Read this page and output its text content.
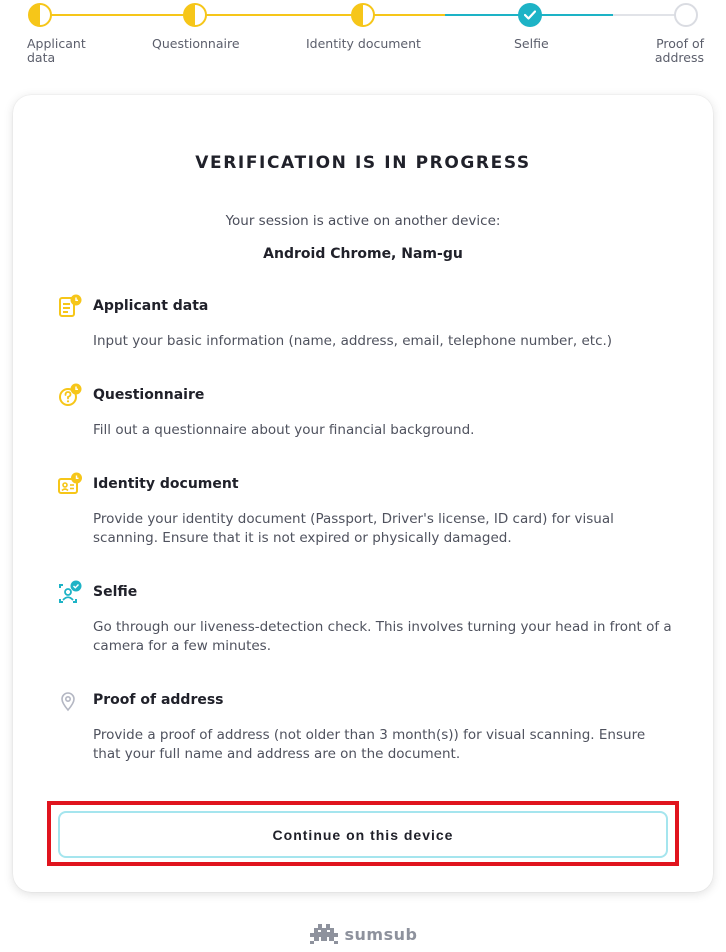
Applicant data
Questionnaire	Identity document	Selfie	Proof of address
VERIFICATION IS IN PROGRESS
Your session is active on another device:
Android Chrome, Nam-gu
Applicant data
Input your basic information (name, address, email, telephone number, etc.)
Questionnaire
Fill out a questionnaire about your financial background.
Identity document
Provide your identity document (Passport, Driver's license, ID card) for visual scanning. Ensure that it is not expired or physically damaged.
Selfie
Go through our liveness-detection check. This involves turning your head in front of a camera for a few minutes.
Proof of address
Provide a proof of address (not older than 3 month(s)) for visual scanning. Ensure that your full name and address are on the document.
Continue on this device
sumsub
